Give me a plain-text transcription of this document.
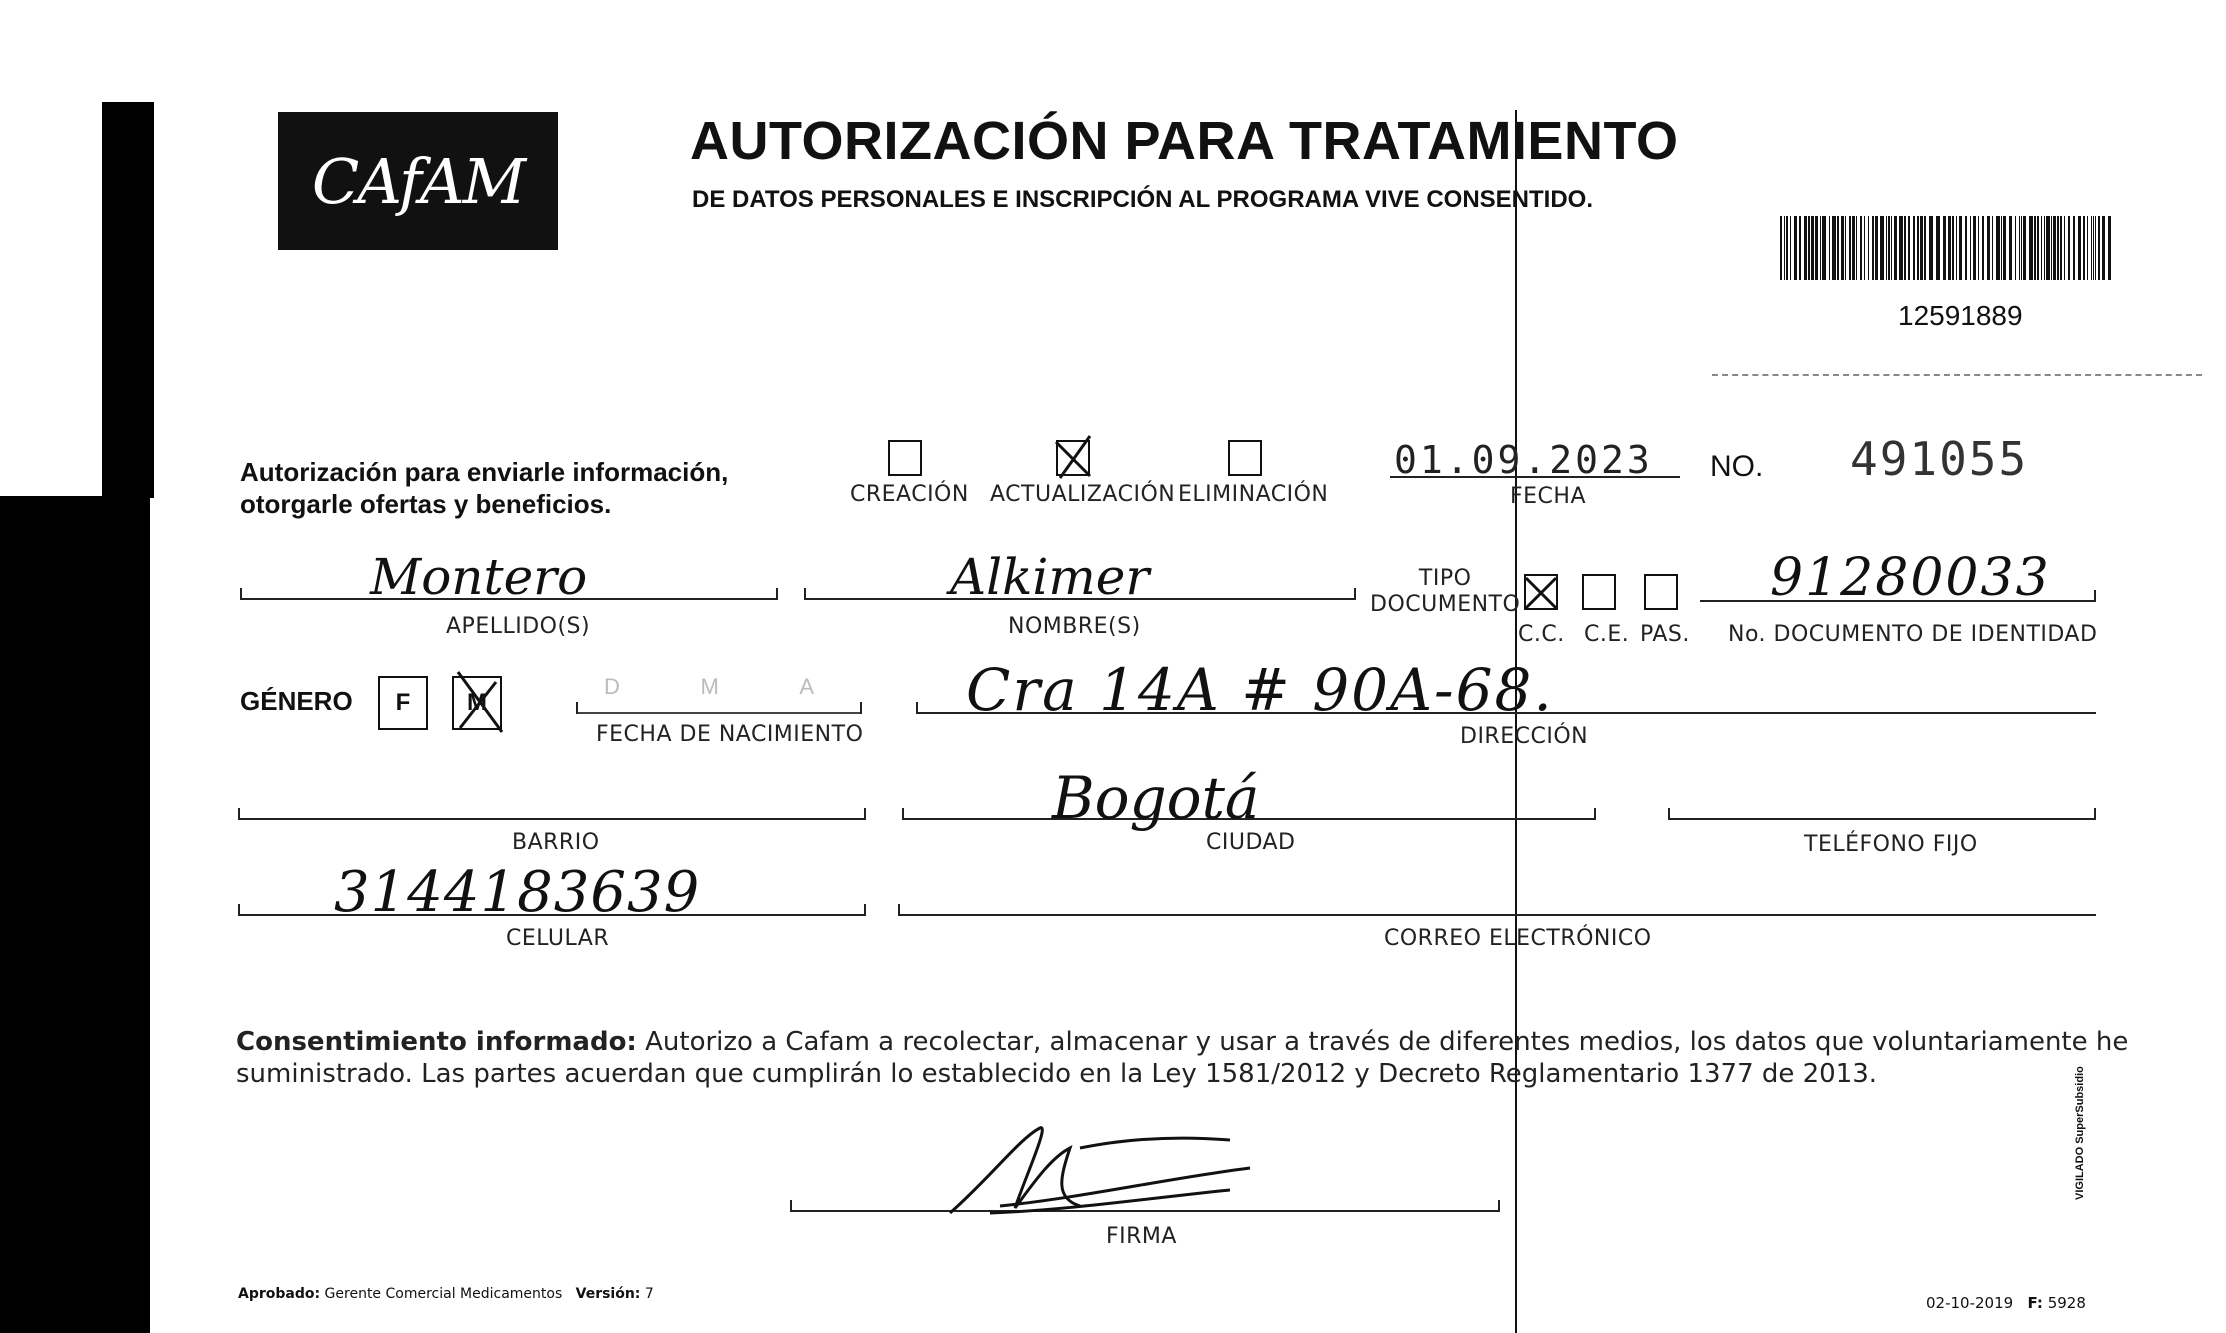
CAfAM
AUTORIZACIÓN PARA TRATAMIENTO
DE DATOS PERSONALES E INSCRIPCIÓN AL PROGRAMA VIVE CONSENTIDO.
12591889
Autorización para enviarle información,
otorgarle ofertas y beneficios.	CREACIÓN ACTUALIZACIÓN ELIMINACIÓN
01.09.2023
FECHA
NO. 491055
Montero
APELLIDO(S)
Alkimer
NOMBRE(S)
TIPO
DOCUMENTO
C.C. C.E. PAS.
91280033
No. DOCUMENTO DE IDENTIDAD
GÉNERO F M
D	M	A
FECHA DE NACIMIENTO
Cra 14A # 90A-68.
DIRECCIÓN
BARRIO
Bogotá
CIUDAD	TELÉFONO FIJO
3144183639
CELULAR	CORREO ELECTRÓNICO
Consentimiento informado: Autorizo a Cafam a recolectar, almacenar y usar a través de diferentes medios, los datos que voluntariamente he
suministrado. Las partes acuerdan que cumplirán lo establecido en la Ley 1581/2012 y Decreto Reglamentario 1377 de 2013.
FIRMA
Aprobado: Gerente Comercial Medicamentos Versión: 7	02-10-2019 F: 5928
VIGILADO SuperSubsidio
